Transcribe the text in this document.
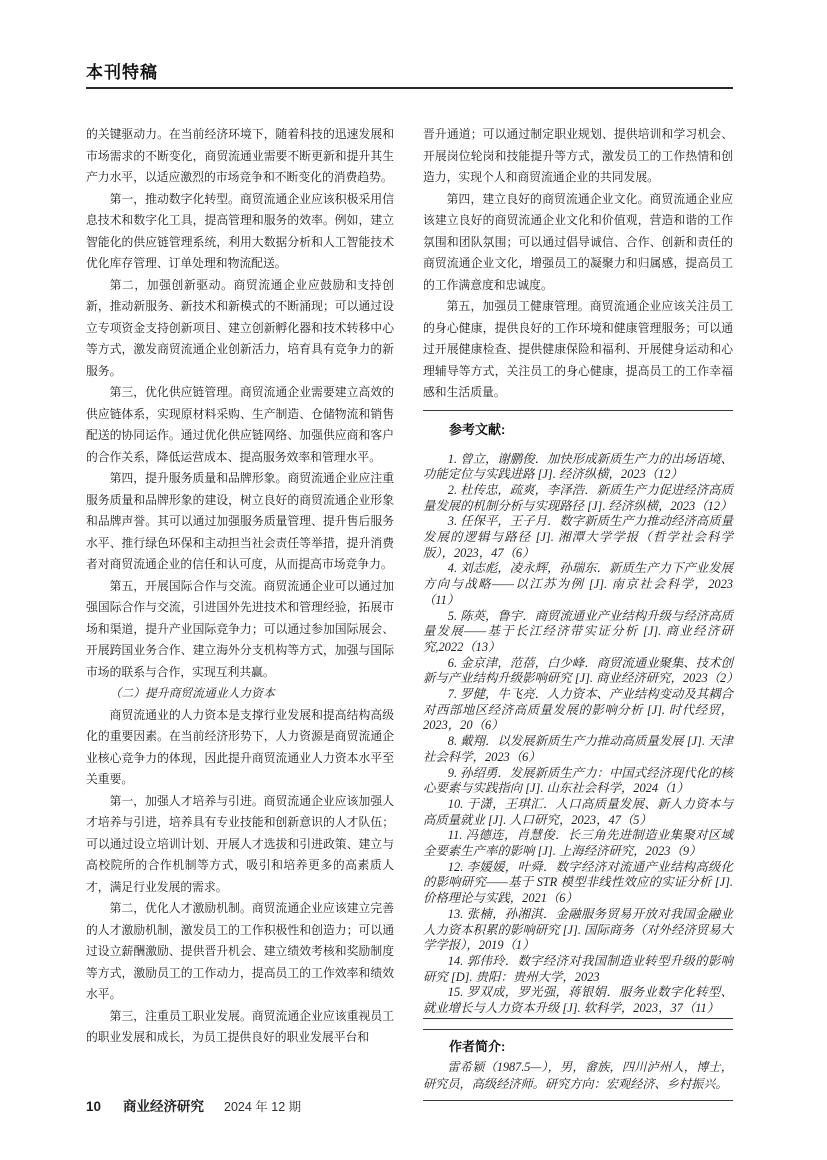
本刊特稿

的关键驱动力。在当前经济环境下，随着科技的迅速发展和市场需求的不断变化，商贸流通业需要不断更新和提升其生产力水平，以适应激烈的市场竞争和不断变化的消费趋势。

第一，推动数字化转型。商贸流通企业应该积极采用信息技术和数字化工具，提高管理和服务的效率。例如，建立智能化的供应链管理系统，利用大数据分析和人工智能技术优化库存管理、订单处理和物流配送。

第二，加强创新驱动。商贸流通企业应鼓励和支持创新，推动新服务、新技术和新模式的不断涌现；可以通过设立专项资金支持创新项目、建立创新孵化器和技术转移中心等方式，激发商贸流通企业创新活力，培育具有竞争力的新服务。

第三，优化供应链管理。商贸流通企业需要建立高效的供应链体系，实现原材料采购、生产制造、仓储物流和销售配送的协同运作。通过优化供应链网络、加强供应商和客户的合作关系，降低运营成本、提高服务效率和管理水平。

第四，提升服务质量和品牌形象。商贸流通企业应注重服务质量和品牌形象的建设，树立良好的商贸流通企业形象和品牌声誉。其可以通过加强服务质量管理、提升售后服务水平、推行绿色环保和主动担当社会责任等举措，提升消费者对商贸流通企业的信任和认可度，从而提高市场竞争力。

第五，开展国际合作与交流。商贸流通企业可以通过加强国际合作与交流，引进国外先进技术和管理经验，拓展市场和渠道，提升产业国际竞争力；可以通过参加国际展会、开展跨国业务合作、建立海外分支机构等方式，加强与国际市场的联系与合作，实现互利共赢。

（二）提升商贸流通业人力资本

商贸流通业的人力资本是支撑行业发展和提高结构高级化的重要因素。在当前经济形势下，人力资源是商贸流通企业核心竞争力的体现，因此提升商贸流通业人力资本水平至关重要。

第一，加强人才培养与引进。商贸流通企业应该加强人才培养与引进，培养具有专业技能和创新意识的人才队伍；可以通过设立培训计划、开展人才选拔和引进政策、建立与高校院所的合作机制等方式，吸引和培养更多的高素质人才，满足行业发展的需求。

第二，优化人才激励机制。商贸流通企业应该建立完善的人才激励机制，激发员工的工作积极性和创造力；可以通过设立薪酬激励、提供晋升机会、建立绩效考核和奖励制度等方式，激励员工的工作动力，提高员工的工作效率和绩效水平。

第三，注重员工职业发展。商贸流通企业应该重视员工的职业发展和成长，为员工提供良好的职业发展平台和

晋升通道；可以通过制定职业规划、提供培训和学习机会、开展岗位轮岗和技能提升等方式，激发员工的工作热情和创造力，实现个人和商贸流通企业的共同发展。

第四，建立良好的商贸流通企业文化。商贸流通企业应该建立良好的商贸流通企业文化和价值观，营造和谐的工作氛围和团队氛围；可以通过倡导诚信、合作、创新和责任的商贸流通企业文化，增强员工的凝聚力和归属感，提高员工的工作满意度和忠诚度。

第五，加强员工健康管理。商贸流通企业应该关注员工的身心健康，提供良好的工作环境和健康管理服务；可以通过开展健康检查、提供健康保险和福利、开展健身运动和心理辅导等方式，关注员工的身心健康，提高员工的工作幸福感和生活质量。

参考文献:

1. 曾立，谢鹏俊．加快形成新质生产力的出场语境、功能定位与实践进路 [J]. 经济纵横，2023（12）

2. 杜传忠，疏爽，李泽浩．新质生产力促进经济高质量发展的机制分析与实现路径 [J]. 经济纵横，2023（12）

3. 任保平，王子月．数字新质生产力推动经济高质量发展的逻辑与路径 [J]. 湘潭大学学报（哲学社会科学版），2023，47（6）

4. 刘志彪，凌永辉，孙瑞东．新质生产力下产业发展方向与战略——以江苏为例 [J]. 南京社会科学，2023（11）

5. 陈英，鲁宇．商贸流通业产业结构升级与经济高质量发展——基于长江经济带实证分析 [J]. 商业经济研究,2022（13）

6. 金京津，范蓓，白少峰．商贸流通业聚集、技术创新与产业结构升级影响研究 [J]. 商业经济研究，2023（2）

7. 罗健，牛飞亮．人力资本、产业结构变动及其耦合对西部地区经济高质量发展的影响分析 [J]. 时代经贸，2023，20（6）

8. 戴翔．以发展新质生产力推动高质量发展 [J]. 天津社会科学，2023（6）

9. 孙绍勇．发展新质生产力：中国式经济现代化的核心要素与实践指向 [J]. 山东社会科学，2024（1）

10. 于潇，王琪汇．人口高质量发展、新人力资本与高质量就业 [J]. 人口研究，2023，47（5）

11. 冯德连，肖慧俊．长三角先进制造业集聚对区域全要素生产率的影响 [J]. 上海经济研究，2023（9）

12. 李媛媛，叶舜．数字经济对流通产业结构高级化的影响研究——基于 STR 模型非线性效应的实证分析 [J]. 价格理论与实践，2021（6）

13. 张楠，孙湘淇．金融服务贸易开放对我国金融业人力资本积累的影响研究 [J]. 国际商务（对外经济贸易大学学报），2019（1）

14. 郭伟玲．数字经济对我国制造业转型升级的影响研究 [D]. 贵阳：贵州大学，2023

15. 罗双成，罗光强，蒋银娟．服务业数字化转型、就业增长与人力资本升级 [J]. 软科学，2023，37（11）

作者简介:

雷希颖（1987.5—），男，畲族，四川泸州人，博士，研究员，高级经济师。研究方向：宏观经济、乡村振兴。

10 商业经济研究 2024 年 12 期
